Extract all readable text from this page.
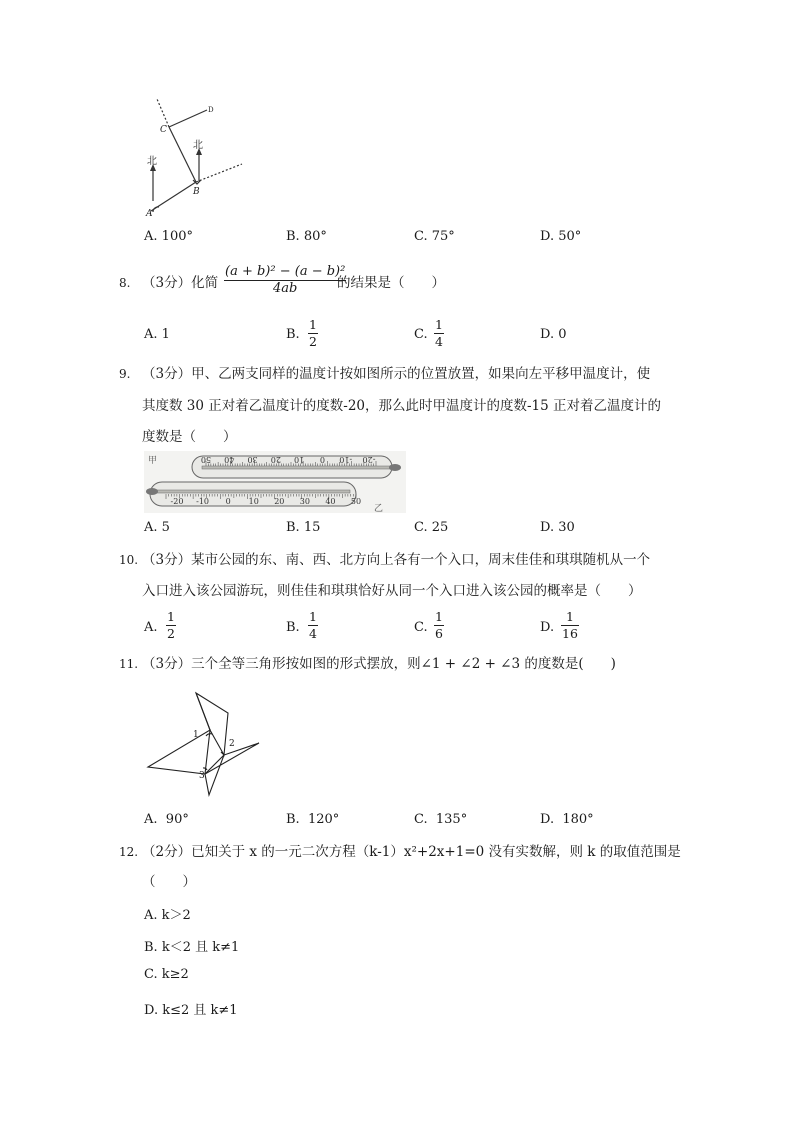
北
北
A
B
C
D
A. 100°	B. 80°	C. 75°	D. 50°
8. （3分）化简
(a + b)² − (a − b)²
4ab	的结果是（　　）
A. 1	B.
1
2	C.
1
4	D. 0
9. （3分）甲、乙两支同样的温度计按如图所示的位置放置，如果向左平移甲温度计，使
其度数 30 正对着乙温度计的度数-20，那么此时甲温度计的度数-15 正对着乙温度计的
度数是（　　）
甲
乙
50 40 30 20 10 0 -10 -20
-20 -10 0 10 20 30 40 50
A. 5	B. 15	C. 25	D. 30
10. （3分）某市公园的东、南、西、北方向上各有一个入口，周末佳佳和琪琪随机从一个
入口进入该公园游玩，则佳佳和琪琪恰好从同一个入口进入该公园的概率是（　　）
A.
1
2	B.
1
4	C.
1
6	D.
1
16
11. （3分）三个全等三角形按如图的形式摆放，则∠1 + ∠2 + ∠3 的度数是(　　)
1
2
3
A. 90°	B. 120°	C. 135°	D. 180°
12. （2分）已知关于 x 的一元二次方程（k-1）x²+2x+1=0 没有实数解，则 k 的取值范围是
（　　）
A. k＞2
B. k＜2 且 k≠1
C. k≥2
D. k≤2 且 k≠1
